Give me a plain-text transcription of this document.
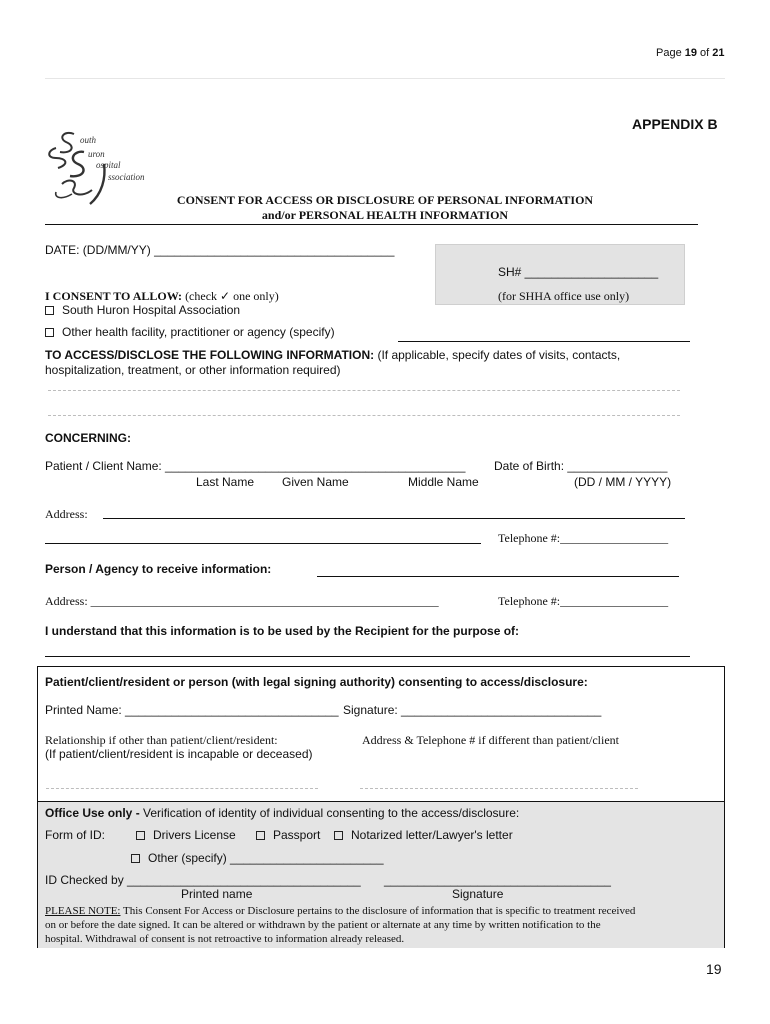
Page 19 of 21
APPENDIX B
outh
uron
ospital
ssociation
CONSENT FOR ACCESS OR DISCLOSURE OF PERSONAL INFORMATION
and/or PERSONAL HEALTH INFORMATION
DATE: (DD/MM/YY) ____________________________________
SH# ____________________
(for SHHA office use only)
I CONSENT TO ALLOW: (check ✓ one only)
South Huron Hospital Association
Other health facility, practitioner or agency (specify)
TO ACCESS/DISCLOSE THE FOLLOWING INFORMATION: (If applicable, specify dates of visits, contacts,
hospitalization, treatment, or other information required)
CONCERNING:
Patient / Client Name: _____________________________________________ Date of Birth: _______________
Last Name Given Name	Middle Name	(DD / MM / YYYY)
Address:
Telephone #:__________________
Person / Agency to receive information:
Address: __________________________________________________________	Telephone #:__________________
I understand that this information is to be used by the Recipient for the purpose of:
Patient/client/resident or person (with legal signing authority) consenting to access/disclosure:
Printed Name: ________________________________ Signature: ______________________________
Relationship if other than patient/client/resident:
(If patient/client/resident is incapable or deceased)
Address & Telephone # if different than patient/client
Office Use only - Verification of identity of individual consenting to the access/disclosure:
Form of ID:	Drivers License	Passport	Notarized letter/Lawyer's letter
Other (specify) _______________________
ID Checked by ___________________________________ __________________________________
Printed name	Signature
PLEASE NOTE: This Consent For Access or Disclosure pertains to the disclosure of information that is specific to treatment received
on or before the date signed. It can be altered or withdrawn by the patient or alternate at any time by written notification to the
hospital. Withdrawal of consent is not retroactive to information already released.
19
